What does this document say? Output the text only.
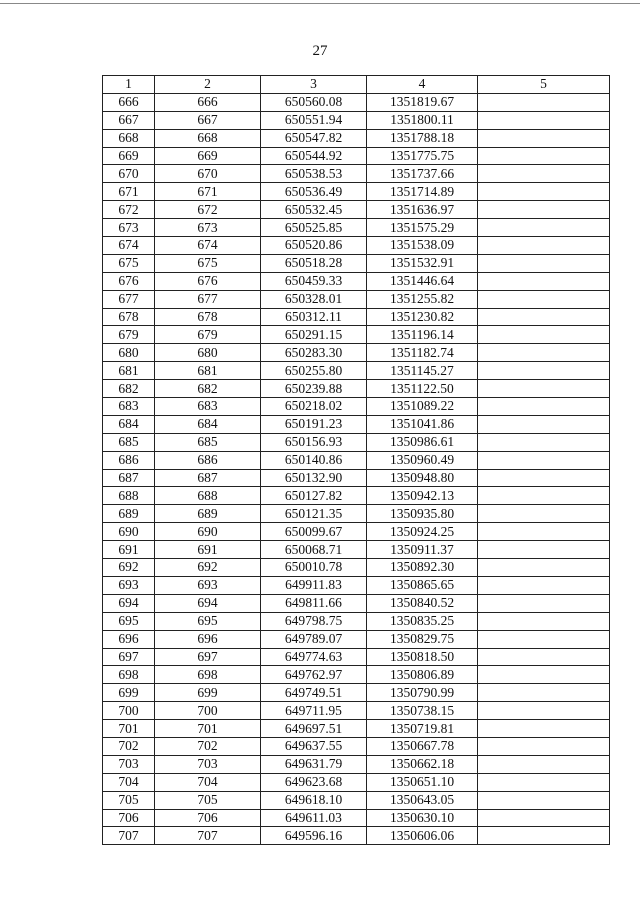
27
1	2	3	4	5
666	666	650560.08	1351819.67	
667	667	650551.94	1351800.11	
668	668	650547.82	1351788.18	
669	669	650544.92	1351775.75	
670	670	650538.53	1351737.66	
671	671	650536.49	1351714.89	
672	672	650532.45	1351636.97	
673	673	650525.85	1351575.29	
674	674	650520.86	1351538.09	
675	675	650518.28	1351532.91	
676	676	650459.33	1351446.64	
677	677	650328.01	1351255.82	
678	678	650312.11	1351230.82	
679	679	650291.15	1351196.14	
680	680	650283.30	1351182.74	
681	681	650255.80	1351145.27	
682	682	650239.88	1351122.50	
683	683	650218.02	1351089.22	
684	684	650191.23	1351041.86	
685	685	650156.93	1350986.61	
686	686	650140.86	1350960.49	
687	687	650132.90	1350948.80	
688	688	650127.82	1350942.13	
689	689	650121.35	1350935.80	
690	690	650099.67	1350924.25	
691	691	650068.71	1350911.37	
692	692	650010.78	1350892.30	
693	693	649911.83	1350865.65	
694	694	649811.66	1350840.52	
695	695	649798.75	1350835.25	
696	696	649789.07	1350829.75	
697	697	649774.63	1350818.50	
698	698	649762.97	1350806.89	
699	699	649749.51	1350790.99	
700	700	649711.95	1350738.15	
701	701	649697.51	1350719.81	
702	702	649637.55	1350667.78	
703	703	649631.79	1350662.18	
704	704	649623.68	1350651.10	
705	705	649618.10	1350643.05	
706	706	649611.03	1350630.10	
707	707	649596.16	1350606.06	
